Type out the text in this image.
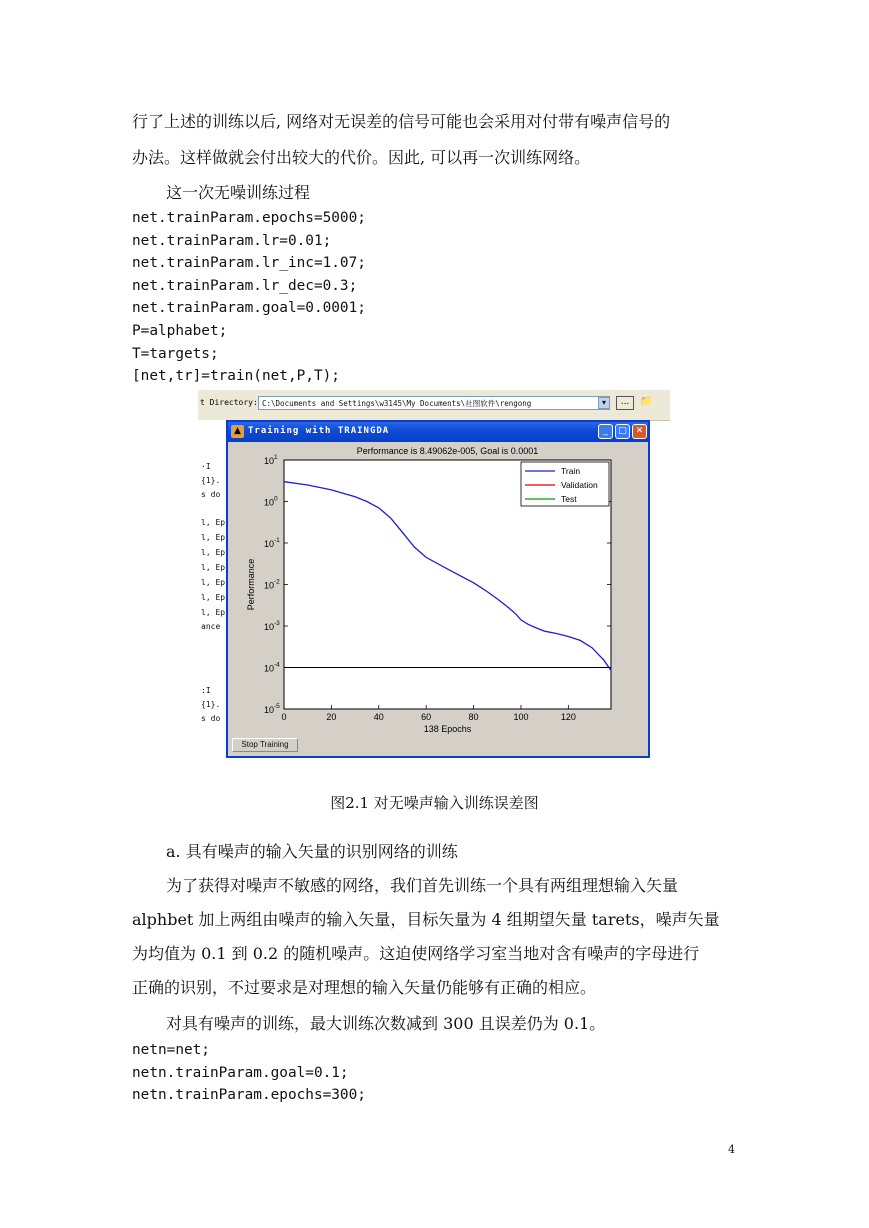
行了上述的训练以后, 网络对无误差的信号可能也会采用对付带有噪声信号的
办法。这样做就会付出较大的代价。因此, 可以再一次训练网络。
这一次无噪训练过程
net.trainParam.epochs=5000;
net.trainParam.lr=0.01;
net.trainParam.lr_inc=1.07;
net.trainParam.lr_dec=0.3;
net.trainParam.goal=0.0001;
P=alphabet;
T=targets;
[net,tr]=train(net,P,T);
t Directory: C:\Documents and Settings\w3145\My Documents\社图软件\rengong	▾	...	📁
·I
{1}.
s do
l, Ep
l, Ep
l, Ep
l, Ep
l, Ep
l, Ep
l, Ep
ance
:I
{1}.
s do
▲ Training with TRAINGDA	_	□ ✕
Performance is 8.49062e-005, Goal is 0.0001
$10^1$
$10^0$
$10^{-1}$
$10^{-2}$
$10^{-3}$
$10^{-4}$
$10^{-5}$
0	20	40	60	80	100	120
138 Epochs
Performance
Train
Validation
Test
Stop Training
图2.1 对无噪声输入训练误差图
a. 具有噪声的输入矢量的识别网络的训练
为了获得对噪声不敏感的网络，我们首先训练一个具有两组理想输入矢量
alphbet 加上两组由噪声的输入矢量，目标矢量为 4 组期望矢量 tarets，噪声矢量
为均值为 0.1 到 0.2 的随机噪声。这迫使网络学习室当地对含有噪声的字母进行
正确的识别，不过要求是对理想的输入矢量仍能够有正确的相应。
对具有噪声的训练，最大训练次数减到 300 且误差仍为 0.1。
netn=net;
netn.trainParam.goal=0.1;
netn.trainParam.epochs=300;
4
